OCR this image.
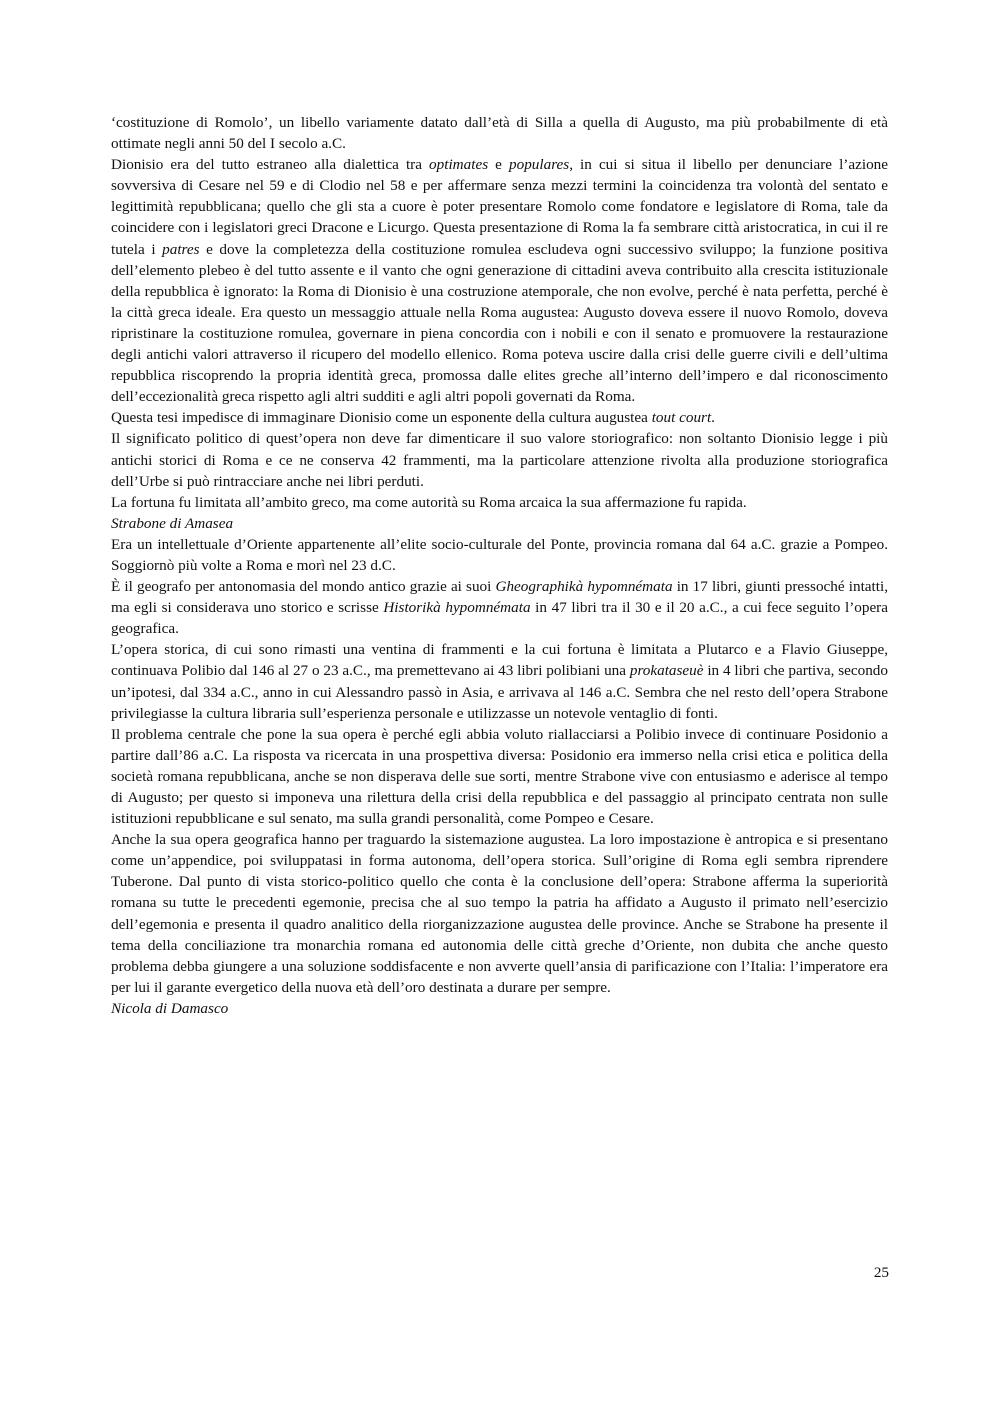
‘costituzione di Romolo’, un libello variamente datato dall’età di Silla a quella di Augusto, ma più probabilmente di età ottimate negli anni 50 del I secolo a.C.

Dionisio era del tutto estraneo alla dialettica tra optimates e populares, in cui si situa il libello per denunciare l’azione sovversiva di Cesare nel 59 e di Clodio nel 58 e per affermare senza mezzi termini la coincidenza tra volontà del sentato e legittimità repubblicana; quello che gli sta a cuore è poter presentare Romolo come fondatore e legislatore di Roma, tale da coincidere con i legislatori greci Dracone e Licurgo. Questa presentazione di Roma la fa sembrare città aristocratica, in cui il re tutela i patres e dove la completezza della costituzione romulea escludeva ogni successivo sviluppo; la funzione positiva dell’elemento plebeo è del tutto assente e il vanto che ogni generazione di cittadini aveva contribuito alla crescita istituzionale della repubblica è ignorato: la Roma di Dionisio è una costruzione atemporale, che non evolve, perché è nata perfetta, perché è la città greca ideale. Era questo un messaggio attuale nella Roma augustea: Augusto doveva essere il nuovo Romolo, doveva ripristinare la costituzione romulea, governare in piena concordia con i nobili e con il senato e promuovere la restaurazione degli antichi valori attraverso il ricupero del modello ellenico. Roma poteva uscire dalla crisi delle guerre civili e dell’ultima repubblica riscoprendo la propria identità greca, promossa dalle elites greche all’interno dell’impero e dal riconoscimento dell’eccezionalità greca rispetto agli altri sudditi e agli altri popoli governati da Roma.

Questa tesi impedisce di immaginare Dionisio come un esponente della cultura augustea tout court.

Il significato politico di quest’opera non deve far dimenticare il suo valore storiografico: non soltanto Dionisio legge i più antichi storici di Roma e ce ne conserva 42 frammenti, ma la particolare attenzione rivolta alla produzione storiografica dell’Urbe si può rintracciare anche nei libri perduti.

La fortuna fu limitata all’ambito greco, ma come autorità su Roma arcaica la sua affermazione fu rapida.

Strabone di Amasea

Era un intellettuale d’Oriente appartenente all’elite socio-culturale del Ponte, provincia romana dal 64 a.C. grazie a Pompeo. Soggiornò più volte a Roma e morì nel 23 d.C.

È il geografo per antonomasia del mondo antico grazie ai suoi Gheographikà hypomnémata in 17 libri, giunti pressoché intatti, ma egli si considerava uno storico e scrisse Historikà hypomnémata in 47 libri tra il 30 e il 20 a.C., a cui fece seguito l’opera geografica.

L’opera storica, di cui sono rimasti una ventina di frammenti e la cui fortuna è limitata a Plutarco e a Flavio Giuseppe, continuava Polibio dal 146 al 27 o 23 a.C., ma premettevano ai 43 libri polibiani una prokataseuè in 4 libri che partiva, secondo un’ipotesi, dal 334 a.C., anno in cui Alessandro passò in Asia, e arrivava al 146 a.C. Sembra che nel resto dell’opera Strabone privilegiasse la cultura libraria sull’esperienza personale e utilizzasse un notevole ventaglio di fonti.

Il problema centrale che pone la sua opera è perché egli abbia voluto riallacciarsi a Polibio invece di continuare Posidonio a partire dall’86 a.C. La risposta va ricercata in una prospettiva diversa: Posidonio era immerso nella crisi etica e politica della società romana repubblicana, anche se non disperava delle sue sorti, mentre Strabone vive con entusiasmo e aderisce al tempo di Augusto; per questo si imponeva una rilettura della crisi della repubblica e del passaggio al principato centrata non sulle istituzioni repubblicane e sul senato, ma sulla grandi personalità, come Pompeo e Cesare.

Anche la sua opera geografica hanno per traguardo la sistemazione augustea. La loro impostazione è antropica e si presentano come un’appendice, poi sviluppatasi in forma autonoma, dell’opera storica. Sull’origine di Roma egli sembra riprendere Tuberone. Dal punto di vista storico-politico quello che conta è la conclusione dell’opera: Strabone afferma la superiorità romana su tutte le precedenti egemonie, precisa che al suo tempo la patria ha affidato a Augusto il primato nell’esercizio dell’egemonia e presenta il quadro analitico della riorganizzazione augustea delle province. Anche se Strabone ha presente il tema della conciliazione tra monarchia romana ed autonomia delle città greche d’Oriente, non dubita che anche questo problema debba giungere a una soluzione soddisfacente e non avverte quell’ansia di parificazione con l’Italia: l’imperatore era per lui il garante evergetico della nuova età dell’oro destinata a durare per sempre.

Nicola di Damasco

25
